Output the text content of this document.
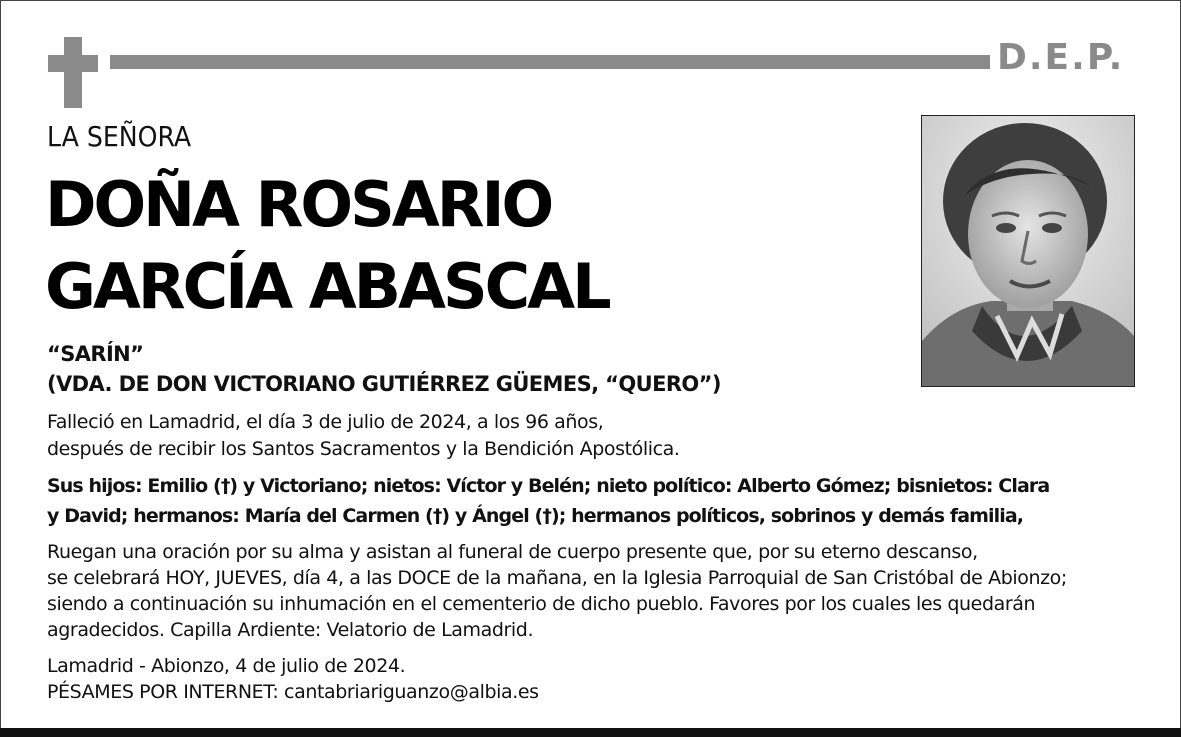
D.E.P.
LA SEÑORA
DOÑA ROSARIO
GARCÍA ABASCAL
“SARÍN”
(VDA. DE DON VICTORIANO GUTIÉRREZ GÜEMES, “QUERO”)
Falleció en Lamadrid, el día 3 de julio de 2024, a los 96 años,
después de recibir los Santos Sacramentos y la Bendición Apostólica.
Sus hijos: Emilio (†) y Victoriano; nietos: Víctor y Belén; nieto político: Alberto Gómez; bisnietos: Clara
y David; hermanos: María del Carmen (†) y Ángel (†); hermanos políticos, sobrinos y demás familia,
Ruegan una oración por su alma y asistan al funeral de cuerpo presente que, por su eterno descanso,
se celebrará HOY, JUEVES, día 4, a las DOCE de la mañana, en la Iglesia Parroquial de San Cristóbal de Abionzo;
siendo a continuación su inhumación en el cementerio de dicho pueblo. Favores por los cuales les quedarán
agradecidos. Capilla Ardiente: Velatorio de Lamadrid.
Lamadrid - Abionzo, 4 de julio de 2024.
PÉSAMES POR INTERNET: cantabriariguanzo@albia.es
